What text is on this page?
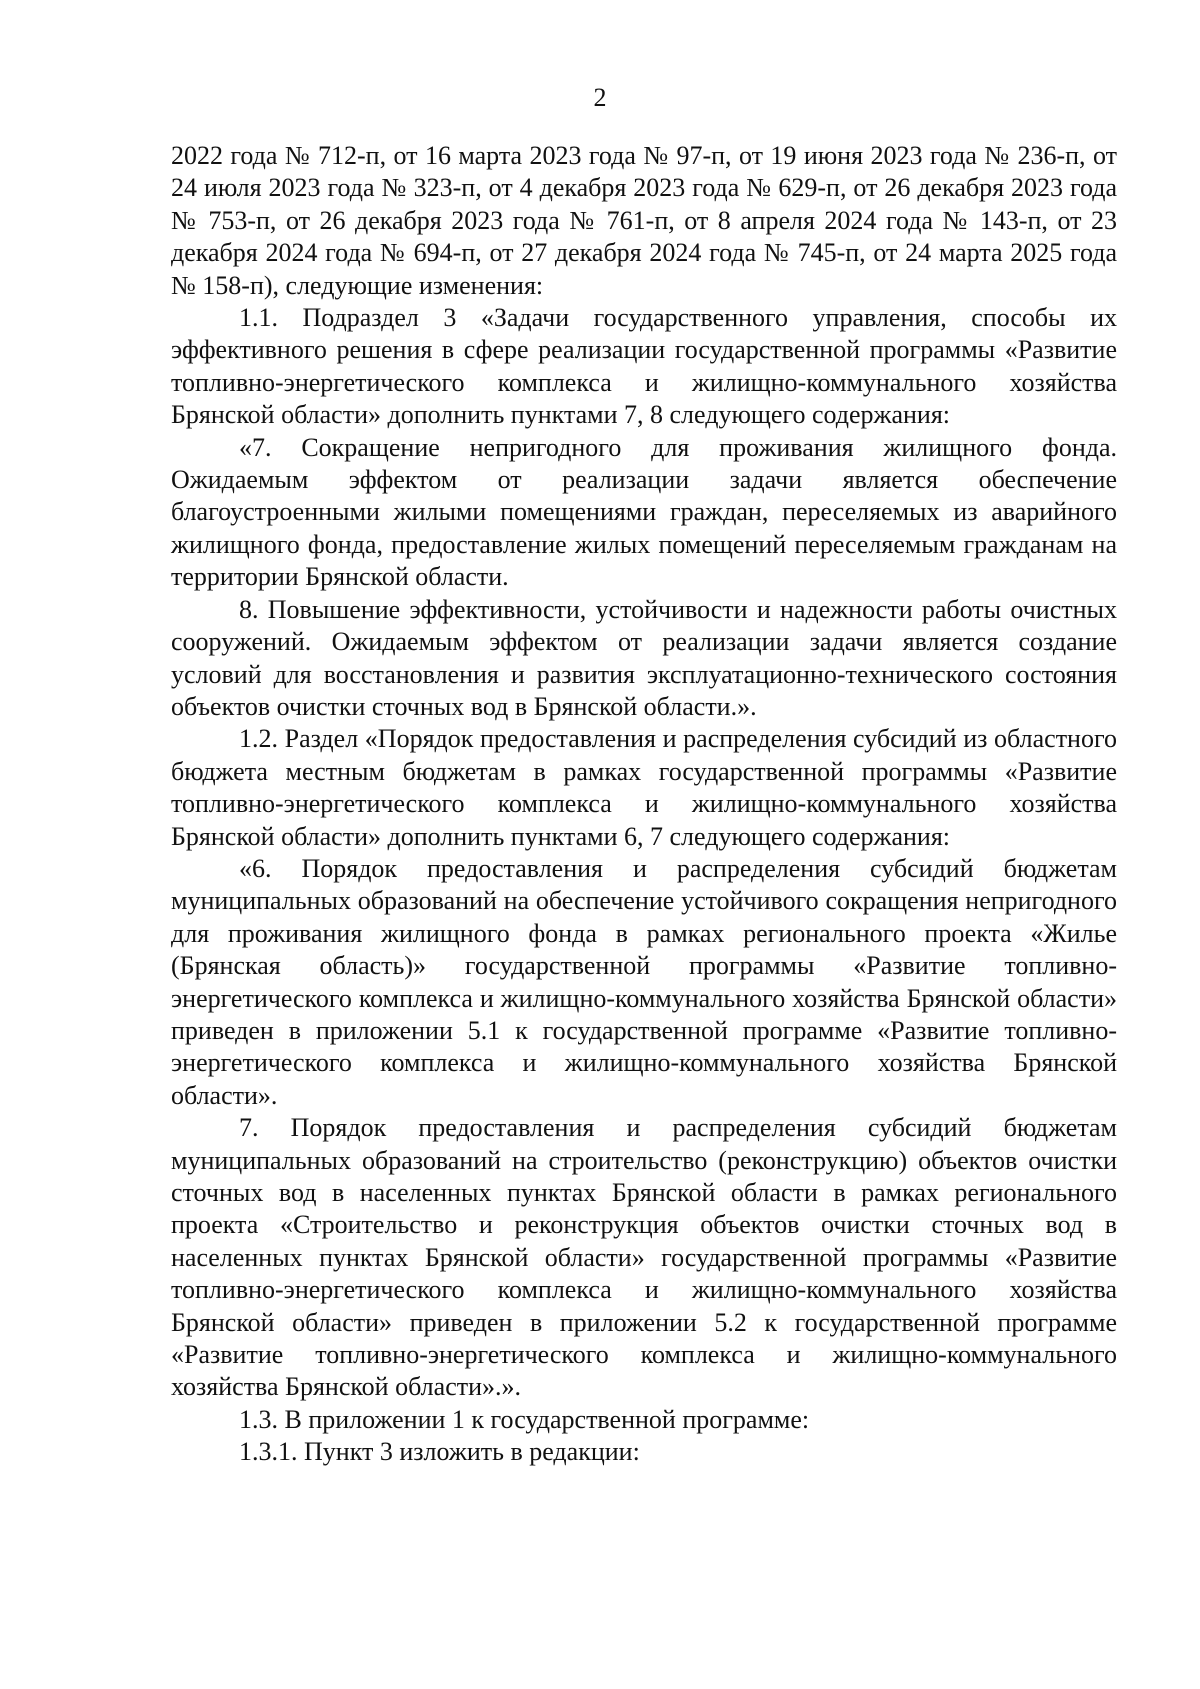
2

2022 года № 712-п, от 16 марта 2023 года № 97-п, от 19 июня 2023 года № 236-п, от 24 июля 2023 года № 323-п, от 4 декабря 2023 года № 629-п, от 26 декабря 2023 года № 753-п, от 26 декабря 2023 года № 761-п, от 8 апреля 2024 года № 143-п, от 23 декабря 2024 года № 694-п, от 27 декабря 2024 года № 745-п, от 24 марта 2025 года № 158-п), следующие изменения:

1.1. Подраздел 3 «Задачи государственного управления, способы их эффективного решения в сфере реализации государственной программы «Развитие топливно-энергетического комплекса и жилищно-коммунального хозяйства Брянской области» дополнить пунктами 7, 8 следующего содержания:

«7. Сокращение непригодного для проживания жилищного фонда. Ожидаемым эффектом от реализации задачи является обеспечение благоустроенными жилыми помещениями граждан, переселяемых из аварийного жилищного фонда, предоставление жилых помещений переселяемым гражданам на территории Брянской области.

8. Повышение эффективности, устойчивости и надежности работы очистных сооружений. Ожидаемым эффектом от реализации задачи является создание условий для восстановления и развития эксплуатационно-технического состояния объектов очистки сточных вод в Брянской области.».

1.2. Раздел «Порядок предоставления и распределения субсидий из областного бюджета местным бюджетам в рамках государственной программы «Развитие топливно-энергетического комплекса и жилищно-коммунального хозяйства Брянской области» дополнить пунктами 6, 7 следующего содержания:

«6. Порядок предоставления и распределения субсидий бюджетам муниципальных образований на обеспечение устойчивого сокращения непригодного для проживания жилищного фонда в рамках регионального проекта «Жилье (Брянская область)» государственной программы «Развитие топливно-энергетического комплекса и жилищно-коммунального хозяйства Брянской области» приведен в приложении 5.1 к государственной программе «Развитие топливно-энергетического комплекса и жилищно-коммунального хозяйства Брянской области».

7. Порядок предоставления и распределения субсидий бюджетам муниципальных образований на строительство (реконструкцию) объектов очистки сточных вод в населенных пунктах Брянской области в рамках регионального проекта «Строительство и реконструкция объектов очистки сточных вод в населенных пунктах Брянской области» государственной программы «Развитие топливно-энергетического комплекса и жилищно-коммунального хозяйства Брянской области» приведен в приложении 5.2 к государственной программе «Развитие топливно-энергетического комплекса и жилищно-коммунального хозяйства Брянской области».».

1.3. В приложении 1 к государственной программе:

1.3.1. Пункт 3 изложить в редакции:
